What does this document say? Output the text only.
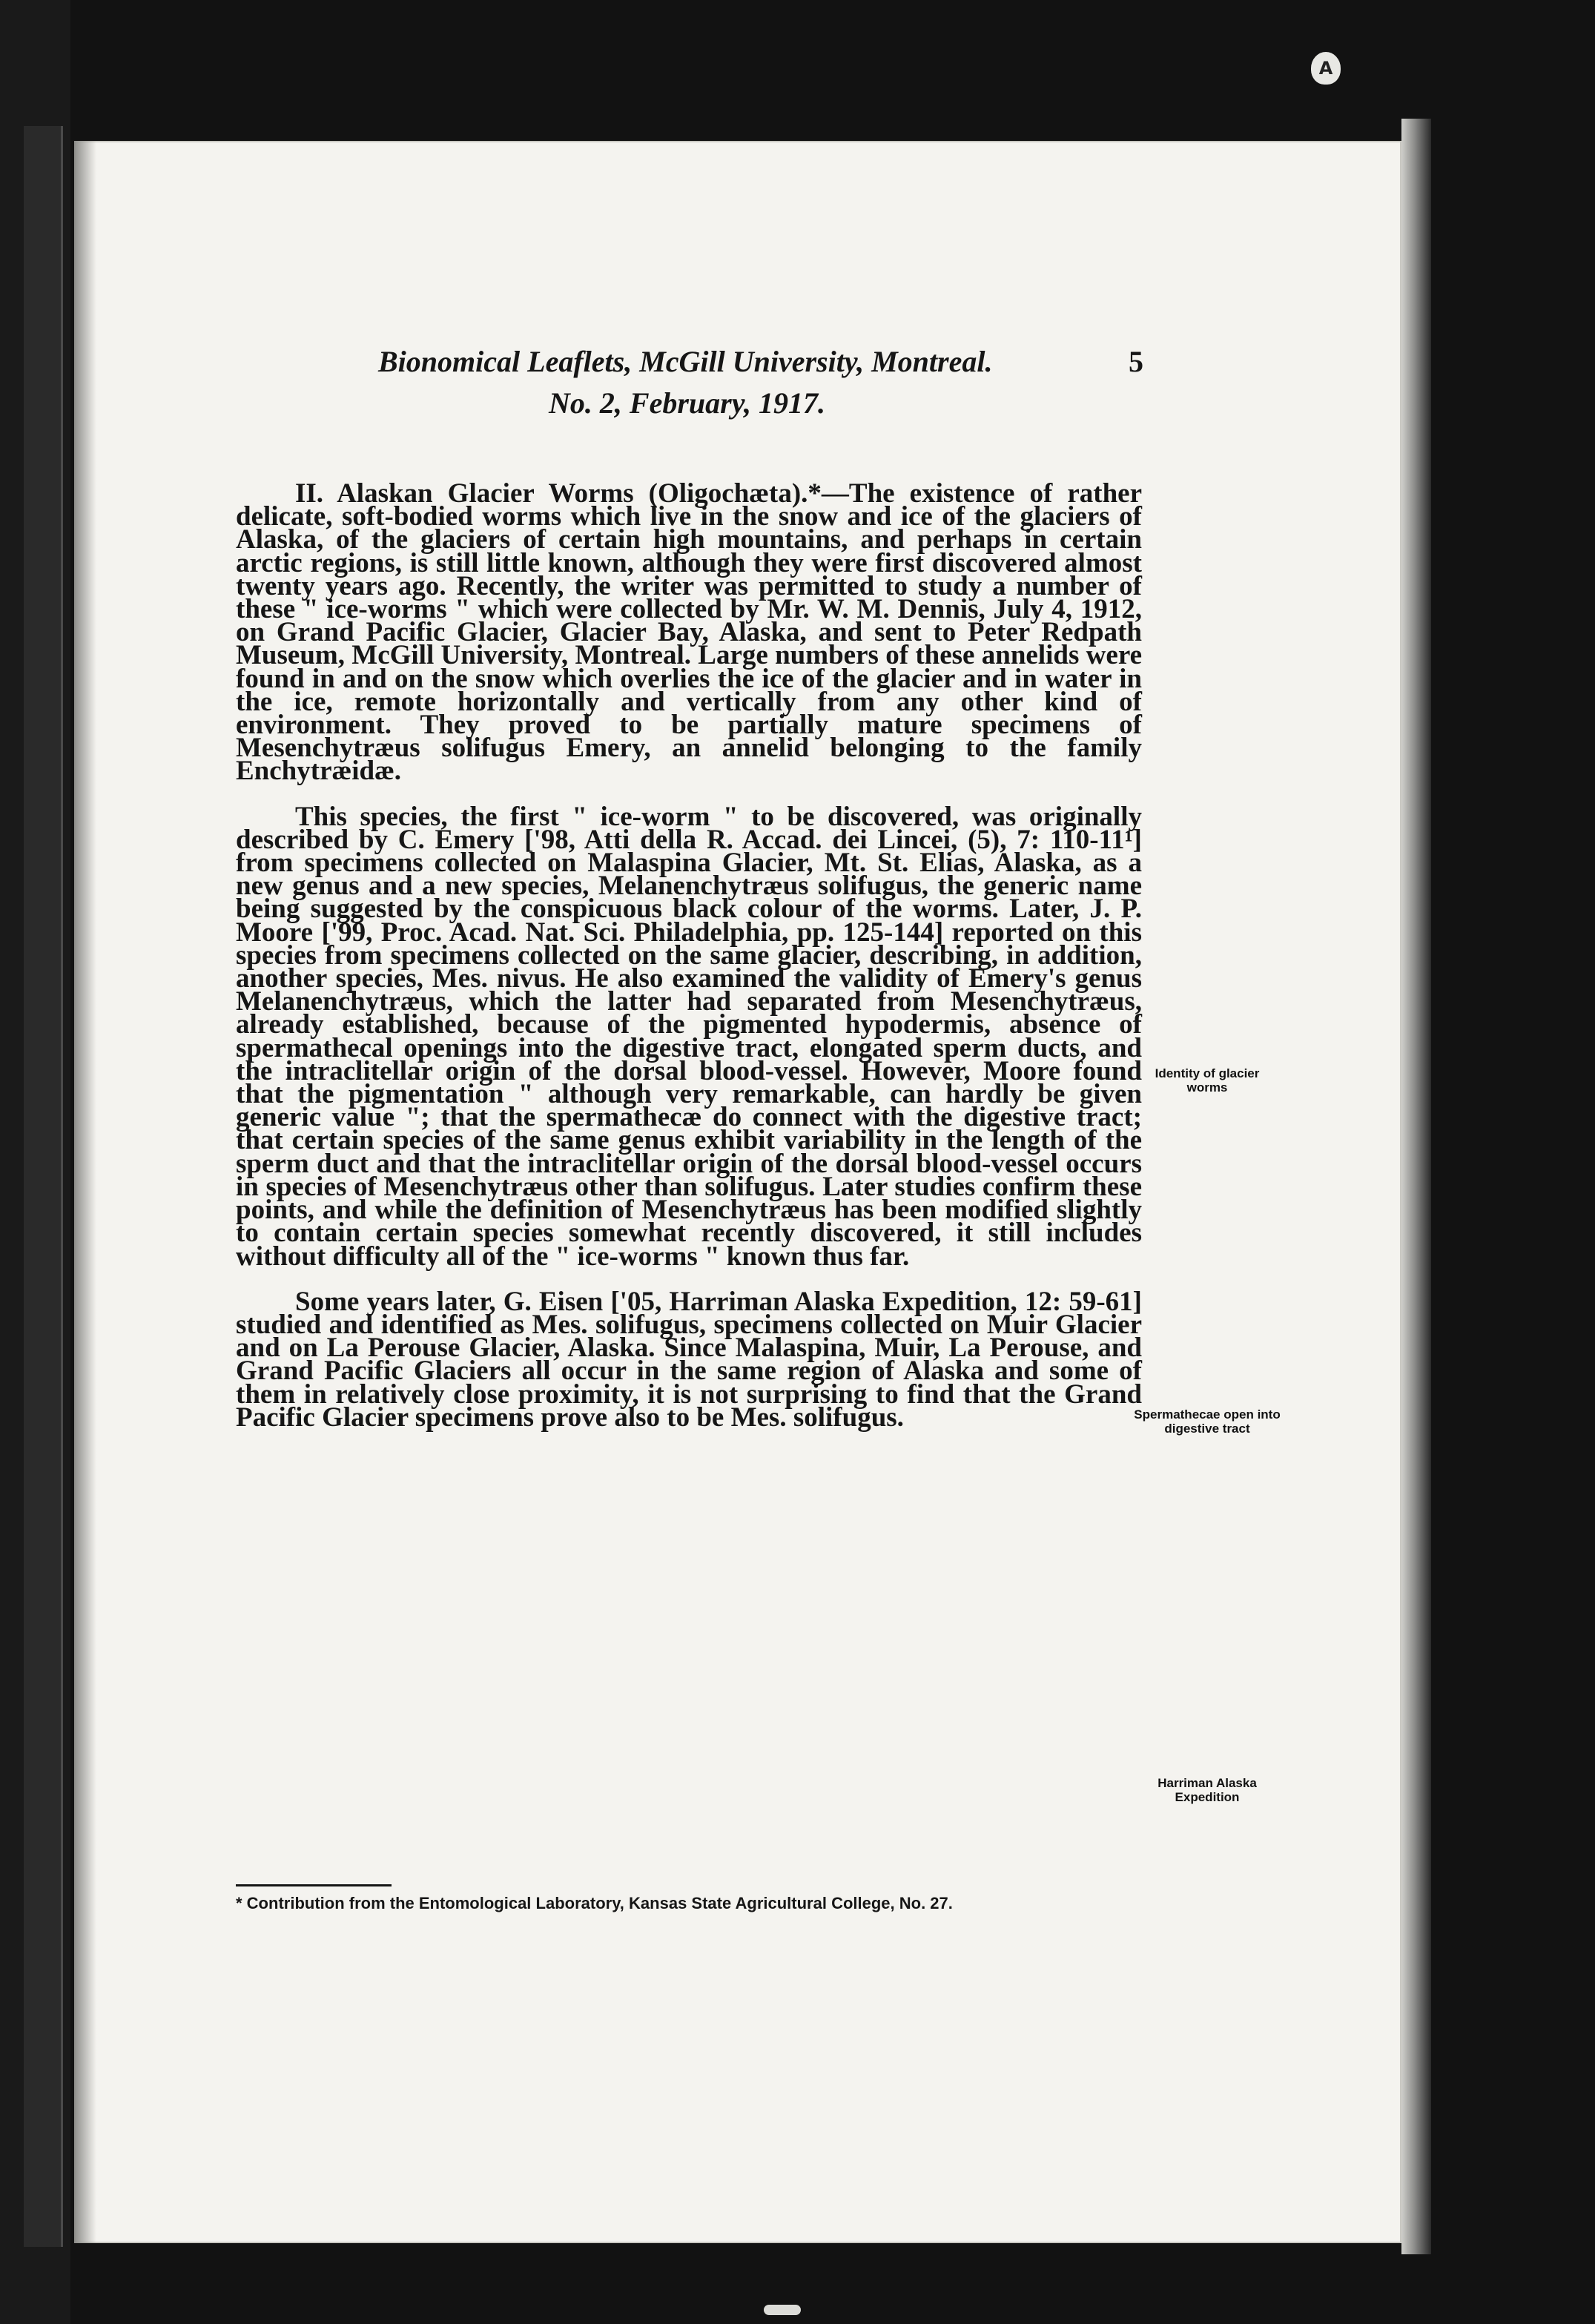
A
Bionomical Leaflets, McGill University, Montreal.
No. 2, February, 1917.
5

II. Alaskan Glacier Worms (Oligochæta).*—The existence of rather delicate, soft-bodied worms which live in the snow and ice of the glaciers of Alaska, of the glaciers of certain high mountains, and perhaps in certain arctic regions, is still little known, although they were first discovered almost twenty years ago. Recently, the writer was permitted to study a number of these " ice-worms " which were collected by Mr. W. M. Dennis, July 4, 1912, on Grand Pacific Glacier, Glacier Bay, Alaska, and sent to Peter Redpath Museum, McGill University, Montreal. Large numbers of these annelids were found in and on the snow which overlies the ice of the glacier and in water in the ice, remote horizontally and vertically from any other kind of environment. They proved to be partially mature specimens of Mesenchytræus solifugus Emery, an annelid belonging to the family Enchytræidæ.

This species, the first " ice-worm " to be discovered, was originally described by C. Emery ['98, Atti della R. Accad. dei Lincei, (5), 7: 110-11¹] from specimens collected on Malaspina Glacier, Mt. St. Elias, Alaska, as a new genus and a new species, Melanenchytræus solifugus, the generic name being suggested by the conspicuous black colour of the worms. Later, J. P. Moore ['99, Proc. Acad. Nat. Sci. Philadelphia, pp. 125-144] reported on this species from specimens collected on the same glacier, describing, in addition, another species, Mes. nivus. He also examined the validity of Emery's genus Melanenchytræus, which the latter had separated from Mesenchytræus, already established, because of the pigmented hypodermis, absence of spermathecal openings into the digestive tract, elongated sperm ducts, and the intraclitellar origin of the dorsal blood-vessel. However, Moore found that the pigmentation " although very remarkable, can hardly be given generic value "; that the spermathecæ do connect with the digestive tract; that certain species of the same genus exhibit variability in the length of the sperm duct and that the intraclitellar origin of the dorsal blood-vessel occurs in species of Mesenchytræus other than solifugus. Later studies confirm these points, and while the definition of Mesenchytræus has been modified slightly to contain certain species somewhat recently discovered, it still includes without difficulty all of the " ice-worms " known thus far.

Some years later, G. Eisen ['05, Harriman Alaska Expedition, 12: 59-61] studied and identified as Mes. solifugus, specimens collected on Muir Glacier and on La Perouse Glacier, Alaska. Since Malaspina, Muir, La Perouse, and Grand Pacific Glaciers all occur in the same region of Alaska and some of them in relatively close proximity, it is not surprising to find that the Grand Pacific Glacier specimens prove also to be Mes. solifugus.

Identity of glacier worms
Spermathecae open into digestive tract
Harriman Alaska Expedition
* Contribution from the Entomological Laboratory, Kansas State Agricultural College, No. 27.
